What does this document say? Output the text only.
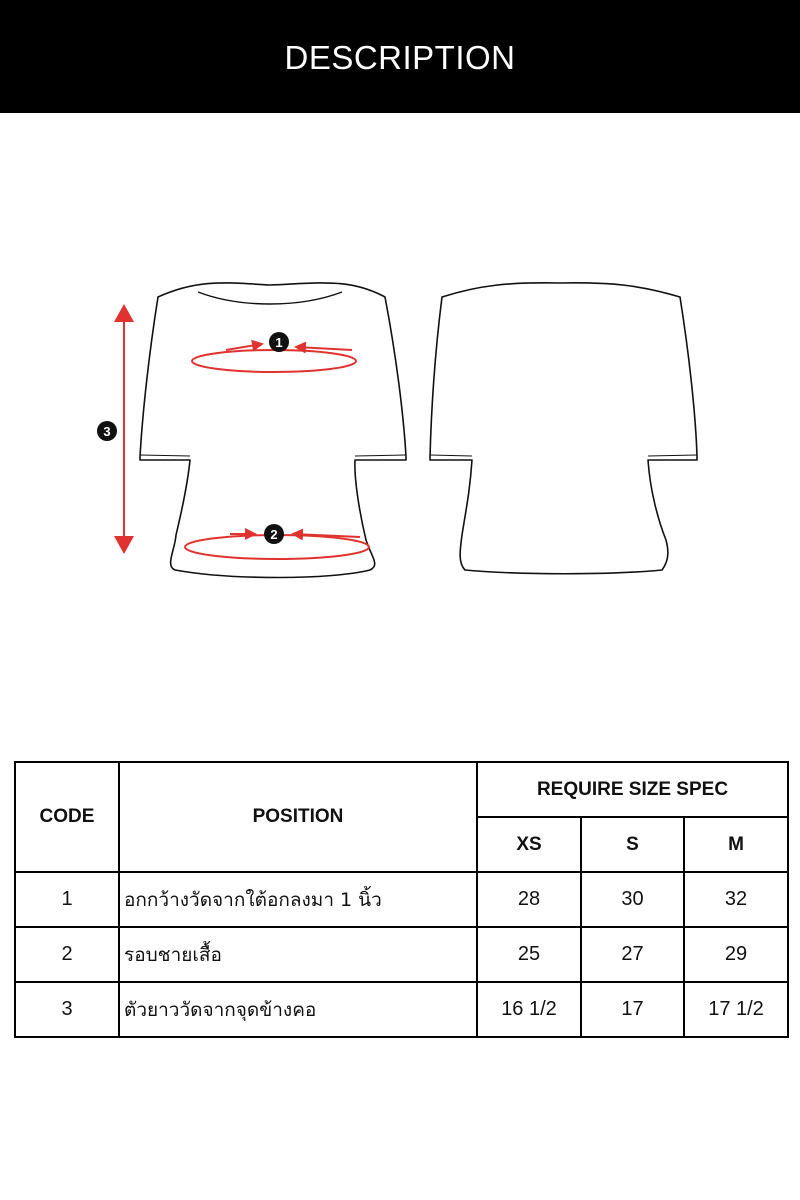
DESCRIPTION
1
2
3
CODE	POSITION	REQUIRE SIZE SPEC		
		XS	S	M
1	อกกว้างวัดจากใต้อกลงมา 1 นิ้ว	28	30	32
2	รอบชายเสื้อ	25	27	29
3	ตัวยาววัดจากจุดข้างคอ	16 1/2	17	17 1/2
